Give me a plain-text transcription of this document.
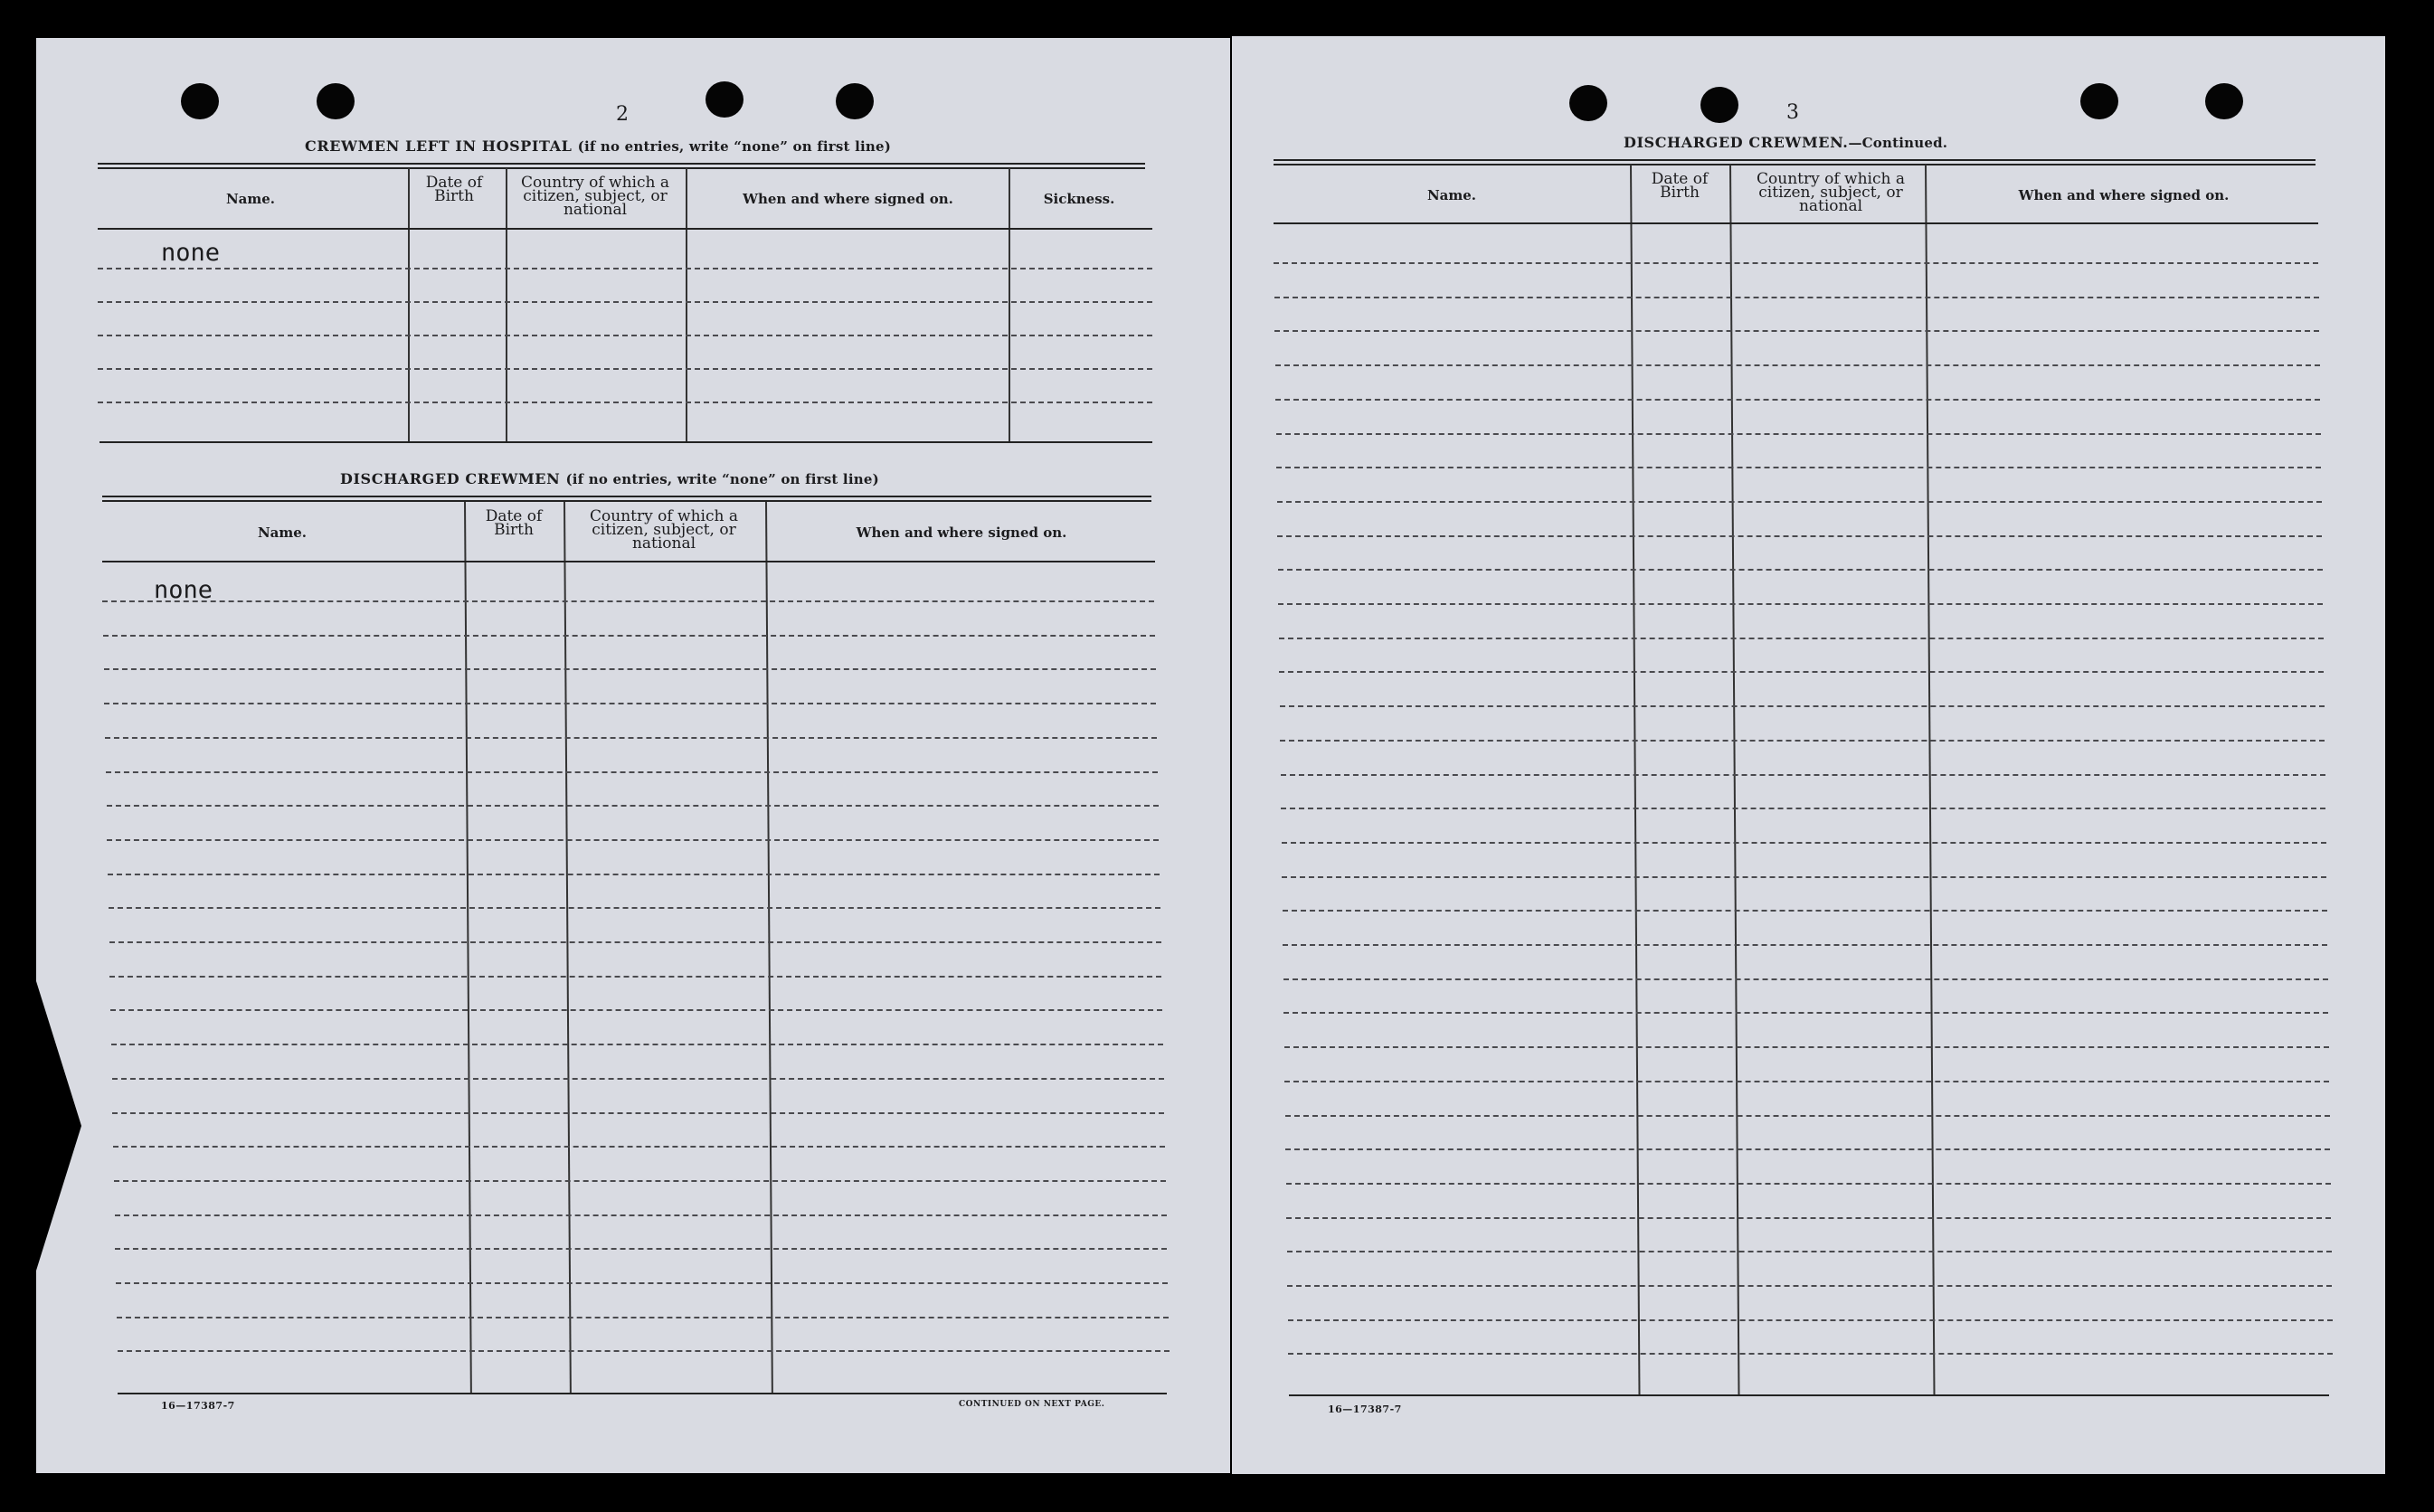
2
CREWMEN LEFT IN HOSPITAL (if no entries, write “none” on first line)
Name.
Date of Birth
Country of which a citizen, subject, or national
When and where signed on.	Sickness.
none
DISCHARGED CREWMEN (if no entries, write “none” on first line)
Name.
Date of Birth
Country of which a citizen, subject, or national
When and where signed on.
none
16—17387-7	CONTINUED ON NEXT PAGE.
3
DISCHARGED CREWMEN.—Continued.
Name.
Date of Birth
Country of which a citizen, subject, or national
When and where signed on.
16—17387-7
